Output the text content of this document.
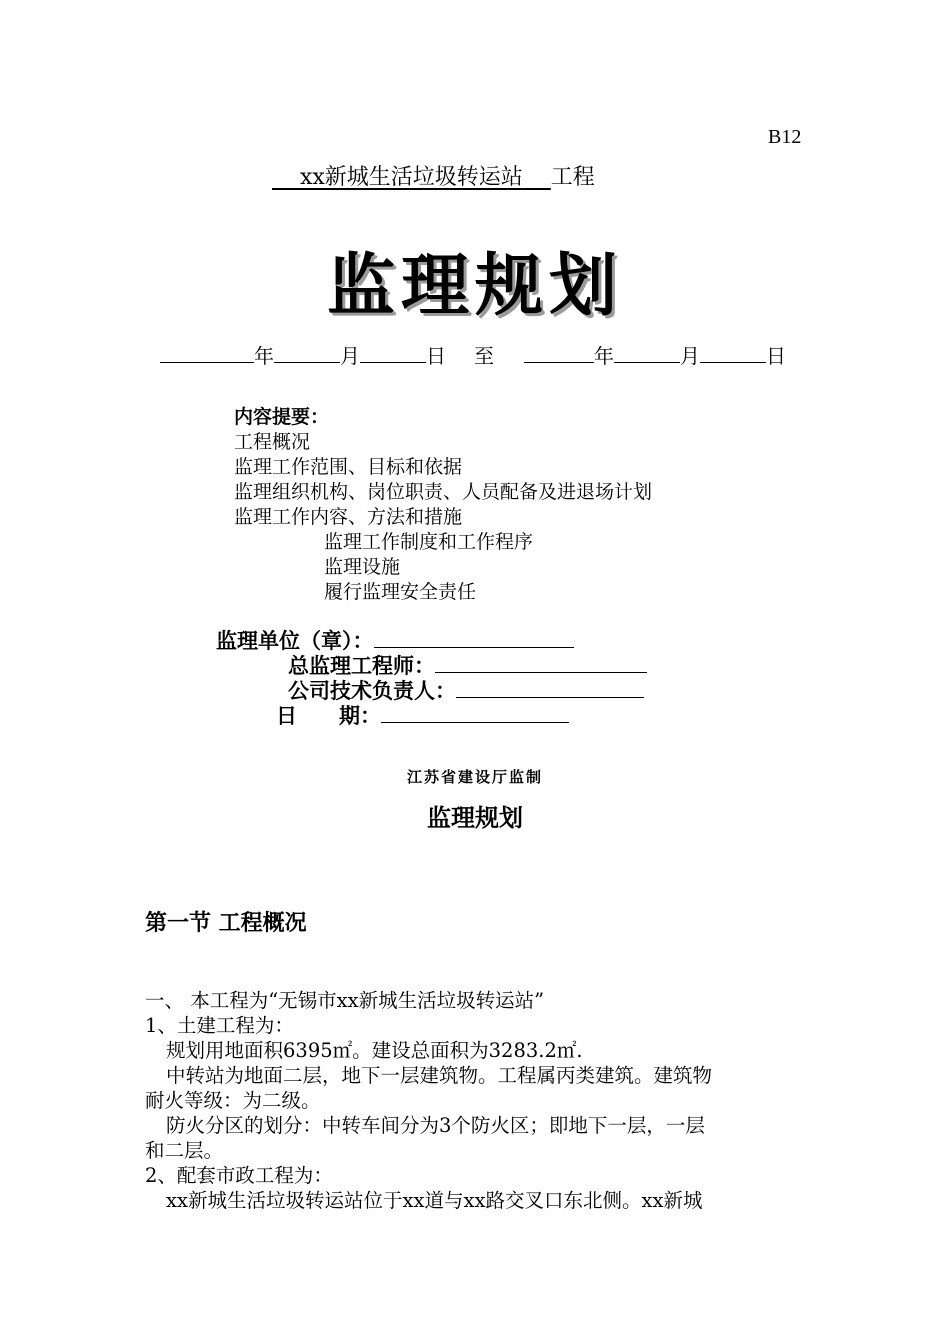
B12
xx新城生活垃圾转运站 工程
监理规划
年	月	日 至	年	月	日
内容提要：
工程概况
监理工作范围、目标和依据
监理组织机构、岗位职责、人员配备及进退场计划
监理工作内容、方法和措施
监理工作制度和工作程序
监理设施
履行监理安全责任
监理单位（章）：
总监理工程师：
公司技术负责人：
日　　期：
江苏省建设厅监制
监理规划
第一节 工程概况
一、 本工程为“无锡市xx新城生活垃圾转运站”
1、土建工程为：
规划用地面积6395㎡。建设总面积为3283.2㎡.
中转站为地面二层，地下一层建筑物。工程属丙类建筑。建筑物
耐火等级：为二级。
防火分区的划分：中转车间分为3个防火区；即地下一层，一层
和二层。
2、配套市政工程为：
xx新城生活垃圾转运站位于xx道与xx路交叉口东北侧。xx新城
